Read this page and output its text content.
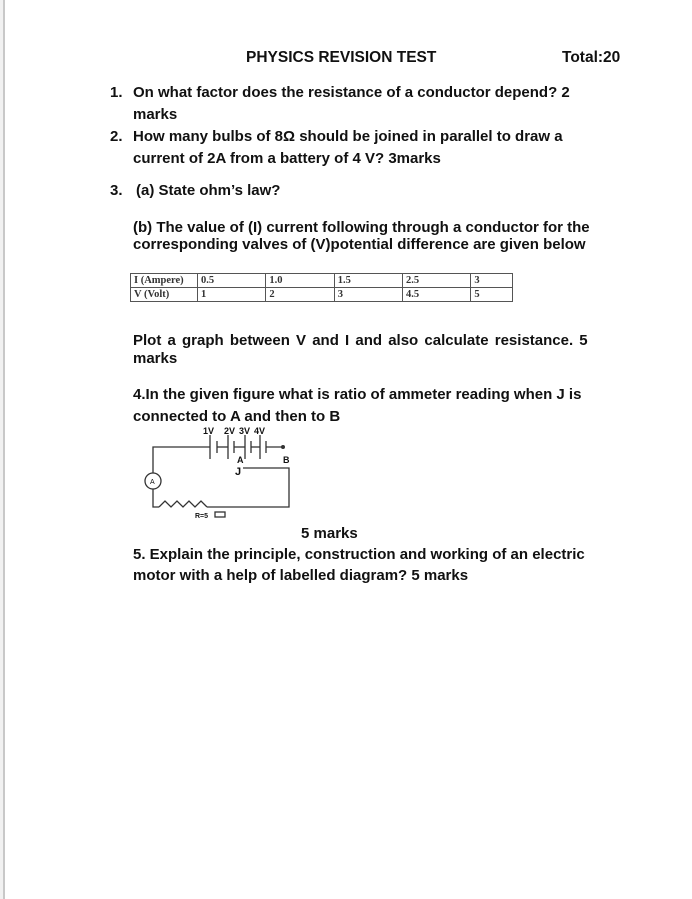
PHYSICS REVISION TEST	Total:20
1. On what factor does the resistance of a conductor depend? 2
marks
2. How many bulbs of 8Ω should be joined in parallel to draw a
current of 2A from a battery of 4 V? 3marks
3. (a) State ohm’s law?
(b) The value of (I) current following through a conductor for the
corresponding valves of (V)potential difference are given below
I (Ampere)	0.5	1.0	1.5	2.5	3
V (Volt)	1	2	3	4.5	5
Plot a graph between V and I and also calculate resistance. 5
marks
4.In the given figure what is ratio of ammeter reading when J is
connected to A and then to B
1V 2V 3V 4V
A	B
J
A
R=5
5 marks
5. Explain the principle, construction and working of an electric
motor with a help of labelled diagram? 5 marks
